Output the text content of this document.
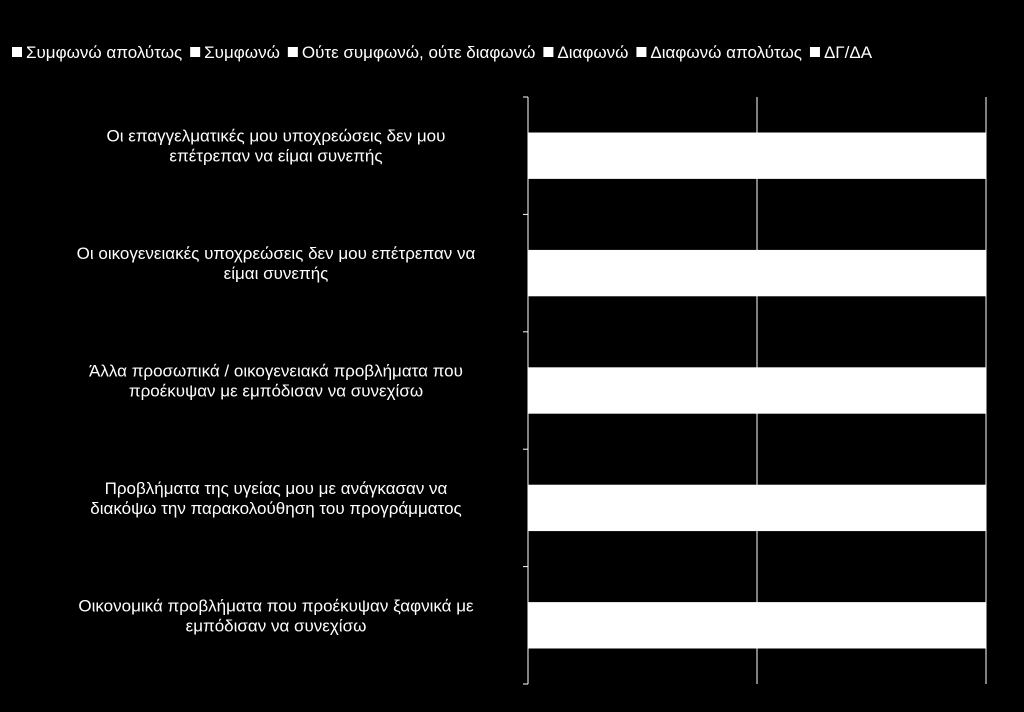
Συμφωνώ απολύτως Συμφωνώ Ούτε συμφωνώ, ούτε διαφωνώ Διαφωνώ Διαφωνώ απολύτως ΔΓ/ΔΑ
Οι επαγγελματικές μου υποχρεώσεις δεν μου
επέτρεπαν να είμαι συνεπής
Οι οικογενειακές υποχρεώσεις δεν μου επέτρεπαν να
είμαι συνεπής
Άλλα προσωπικά / οικογενειακά προβλήματα που
προέκυψαν με εμπόδισαν να συνεχίσω
Προβλήματα της υγείας μου με ανάγκασαν να
διακόψω την παρακολούθηση του προγράμματος
Οικονομικά προβλήματα που προέκυψαν ξαφνικά με
εμπόδισαν να συνεχίσω
